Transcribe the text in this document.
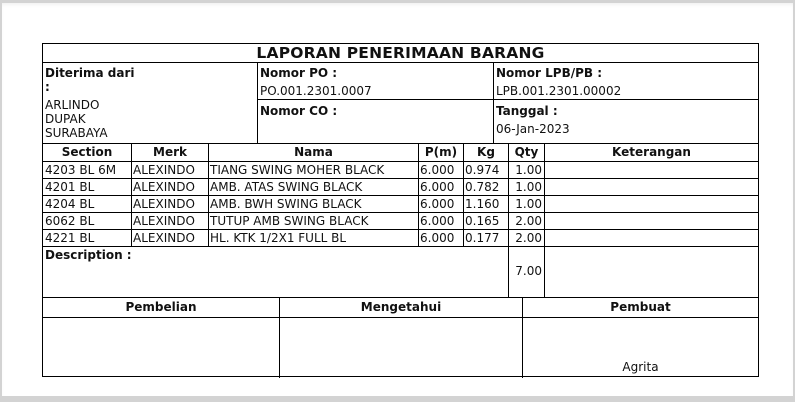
LAPORAN PENERIMAAN BARANG
Diterima dari
:
ARLINDO
DUPAK
SURABAYA
Nomor PO :
PO.001.2301.0007
Nomor CO :
Nomor LPB/PB :
LPB.001.2301.00002
Tanggal :
06-Jan-2023
Section	Merk	Nama	P(m)	Kg	Qty	Keterangan
4203 BL 6M	ALEXINDO	TIANG SWING MOHER BLACK	6.000 0.974	1.00
4201 BL	ALEXINDO	AMB. ATAS SWING BLACK	6.000 0.782	1.00
4204 BL	ALEXINDO	AMB. BWH SWING BLACK	6.000 1.160	1.00
6062 BL	ALEXINDO	TUTUP AMB SWING BLACK	6.000 0.165	2.00
4221 BL	ALEXINDO	HL. KTK 1/2X1 FULL BL	6.000 0.177	2.00
Description :
7.00
Pembelian	Mengetahui	Pembuat
Agrita
